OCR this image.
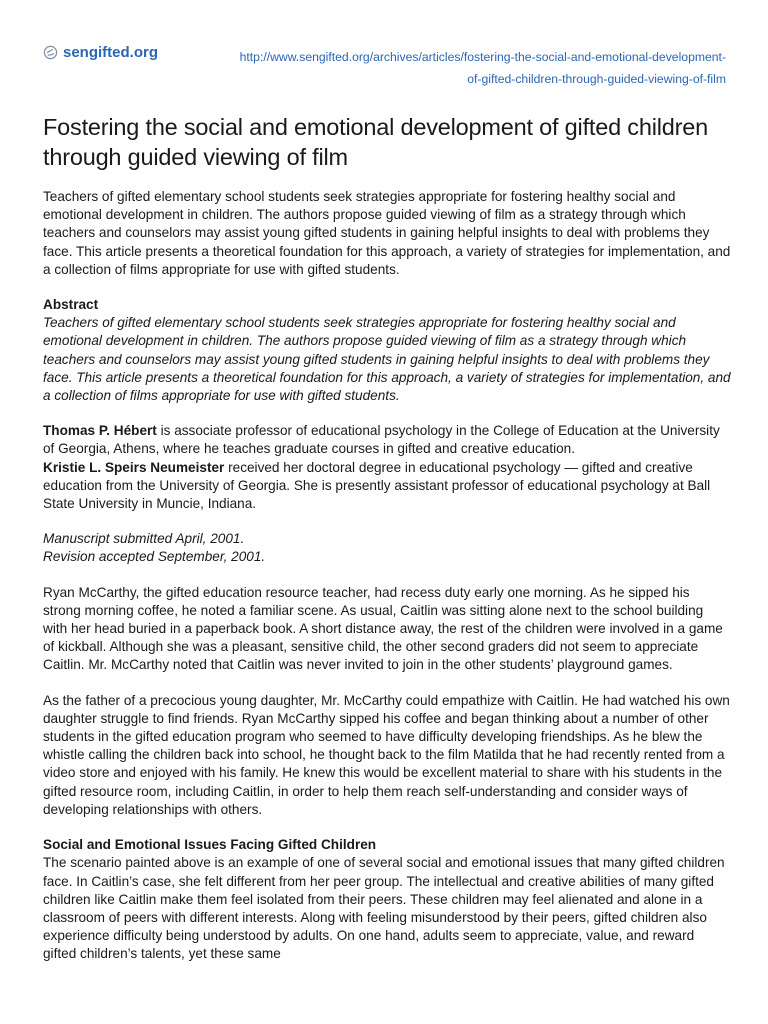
sengifted.org	http://www.sengifted.org/archives/articles/fostering-the-social-and-emotional-development-
of-gifted-children-through-guided-viewing-of-film
Fostering the social and emotional development of gifted children through guided viewing of film

Teachers of gifted elementary school students seek strategies appropriate for fostering healthy social and emotional development in children. The authors propose guided viewing of film as a strategy through which teachers and counselors may assist young gifted students in gaining helpful insights to deal with problems they face. This article presents a theoretical foundation for this approach, a variety of strategies for implementation, and a collection of films appropriate for use with gifted students.

Abstract

Teachers of gifted elementary school students seek strategies appropriate for fostering healthy social and emotional development in children. The authors propose guided viewing of film as a strategy through which teachers and counselors may assist young gifted students in gaining helpful insights to deal with problems they face. This article presents a theoretical foundation for this approach, a variety of strategies for implementation, and a collection of films appropriate for use with gifted students.

Thomas P. Hébert is associate professor of educational psychology in the College of Education at the University of Georgia, Athens, where he teaches graduate courses in gifted and creative education.
Kristie L. Speirs Neumeister received her doctoral degree in educational psychology — gifted and creative education from the University of Georgia. She is presently assistant professor of educational psychology at Ball State University in Muncie, Indiana.

Manuscript submitted April, 2001.
Revision accepted September, 2001.

Ryan McCarthy, the gifted education resource teacher, had recess duty early one morning. As he sipped his strong morning coffee, he noted a familiar scene. As usual, Caitlin was sitting alone next to the school building with her head buried in a paperback book. A short distance away, the rest of the children were involved in a game of kickball. Although she was a pleasant, sensitive child, the other second graders did not seem to appreciate Caitlin. Mr. McCarthy noted that Caitlin was never invited to join in the other students’ playground games.

As the father of a precocious young daughter, Mr. McCarthy could empathize with Caitlin. He had watched his own daughter struggle to find friends. Ryan McCarthy sipped his coffee and began thinking about a number of other students in the gifted education program who seemed to have difficulty developing friendships. As he blew the whistle calling the children back into school, he thought back to the film Matilda that he had recently rented from a video store and enjoyed with his family. He knew this would be excellent material to share with his students in the gifted resource room, including Caitlin, in order to help them reach self-understanding and consider ways of developing relationships with others.

Social and Emotional Issues Facing Gifted Children
The scenario painted above is an example of one of several social and emotional issues that many gifted children face. In Caitlin’s case, she felt different from her peer group. The intellectual and creative abilities of many gifted children like Caitlin make them feel isolated from their peers. These children may feel alienated and alone in a classroom of peers with different interests. Along with feeling misunderstood by their peers, gifted children also experience difficulty being understood by adults. On one hand, adults seem to appreciate, value, and reward gifted children’s talents, yet these same
